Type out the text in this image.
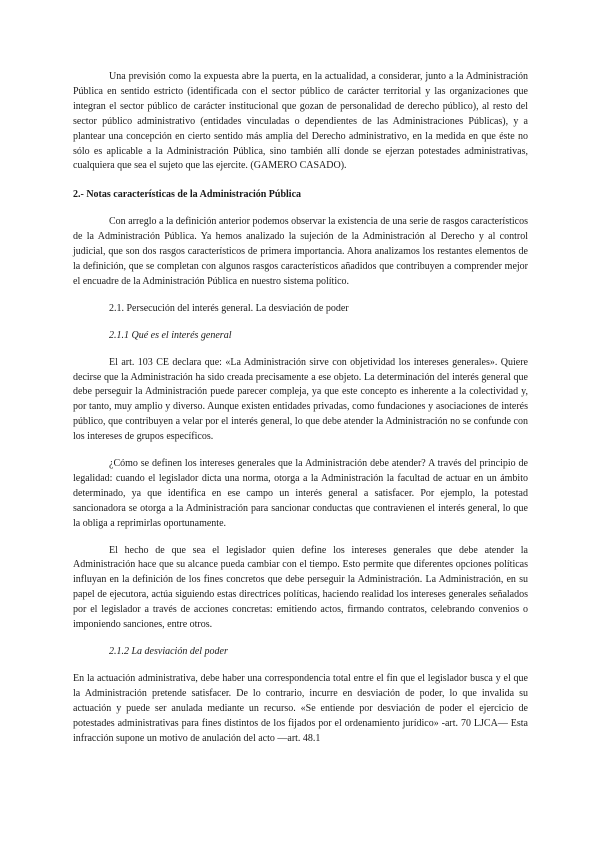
Una previsión como la expuesta abre la puerta, en la actualidad, a considerar, junto a la Administración Pública en sentido estricto (identificada con el sector público de carácter territorial y las organizaciones que integran el sector público de carácter institucional que gozan de personalidad de derecho público), al resto del sector público administrativo (entidades vinculadas o dependientes de las Administraciones Públicas), y a plantear una concepción en cierto sentido más amplia del Derecho administrativo, en la medida en que éste no sólo es aplicable a la Administración Pública, sino también allí donde se ejerzan potestades administrativas, cualquiera que sea el sujeto que las ejercite. (GAMERO CASADO).

2.- Notas características de la Administración Pública

Con arreglo a la definición anterior podemos observar la existencia de una serie de rasgos característicos de la Administración Pública. Ya hemos analizado la sujeción de la Administración al Derecho y al control judicial, que son dos rasgos característicos de primera importancia. Ahora analizamos los restantes elementos de la definición, que se completan con algunos rasgos característicos añadidos que contribuyen a comprender mejor el encuadre de la Administración Pública en nuestro sistema político.

2.1. Persecución del interés general. La desviación de poder

2.1.1 Qué es el interés general

El art. 103 CE declara que: «La Administración sirve con objetividad los intereses generales». Quiere decirse que la Administración ha sido creada precisamente a ese objeto. La determinación del interés general que debe perseguir la Administración puede parecer compleja, ya que este concepto es inherente a la colectividad y, por tanto, muy amplio y diverso. Aunque existen entidades privadas, como fundaciones y asociaciones de interés público, que contribuyen a velar por el interés general, lo que debe atender la Administración no se confunde con los intereses de grupos específicos.

¿Cómo se definen los intereses generales que la Administración debe atender? A través del principio de legalidad: cuando el legislador dicta una norma, otorga a la Administración la facultad de actuar en un ámbito determinado, ya que identifica en ese campo un interés general a satisfacer. Por ejemplo, la potestad sancionadora se otorga a la Administración para sancionar conductas que contravienen el interés general, lo que la obliga a reprimirlas oportunamente.

El hecho de que sea el legislador quien define los intereses generales que debe atender la Administración hace que su alcance pueda cambiar con el tiempo. Esto permite que diferentes opciones políticas influyan en la definición de los fines concretos que debe perseguir la Administración. La Administración, en su papel de ejecutora, actúa siguiendo estas directrices políticas, haciendo realidad los intereses generales señalados por el legislador a través de acciones concretas: emitiendo actos, firmando contratos, celebrando convenios o imponiendo sanciones, entre otros.

2.1.2 La desviación del poder

En la actuación administrativa, debe haber una correspondencia total entre el fin que el legislador busca y el que la Administración pretende satisfacer. De lo contrario, incurre en desviación de poder, lo que invalida su actuación y puede ser anulada mediante un recurso. «Se entiende por desviación de poder el ejercicio de potestades administrativas para fines distintos de los fijados por el ordenamiento jurídico» -art. 70 LJCA— Esta infracción supone un motivo de anulación del acto —art. 48.1
